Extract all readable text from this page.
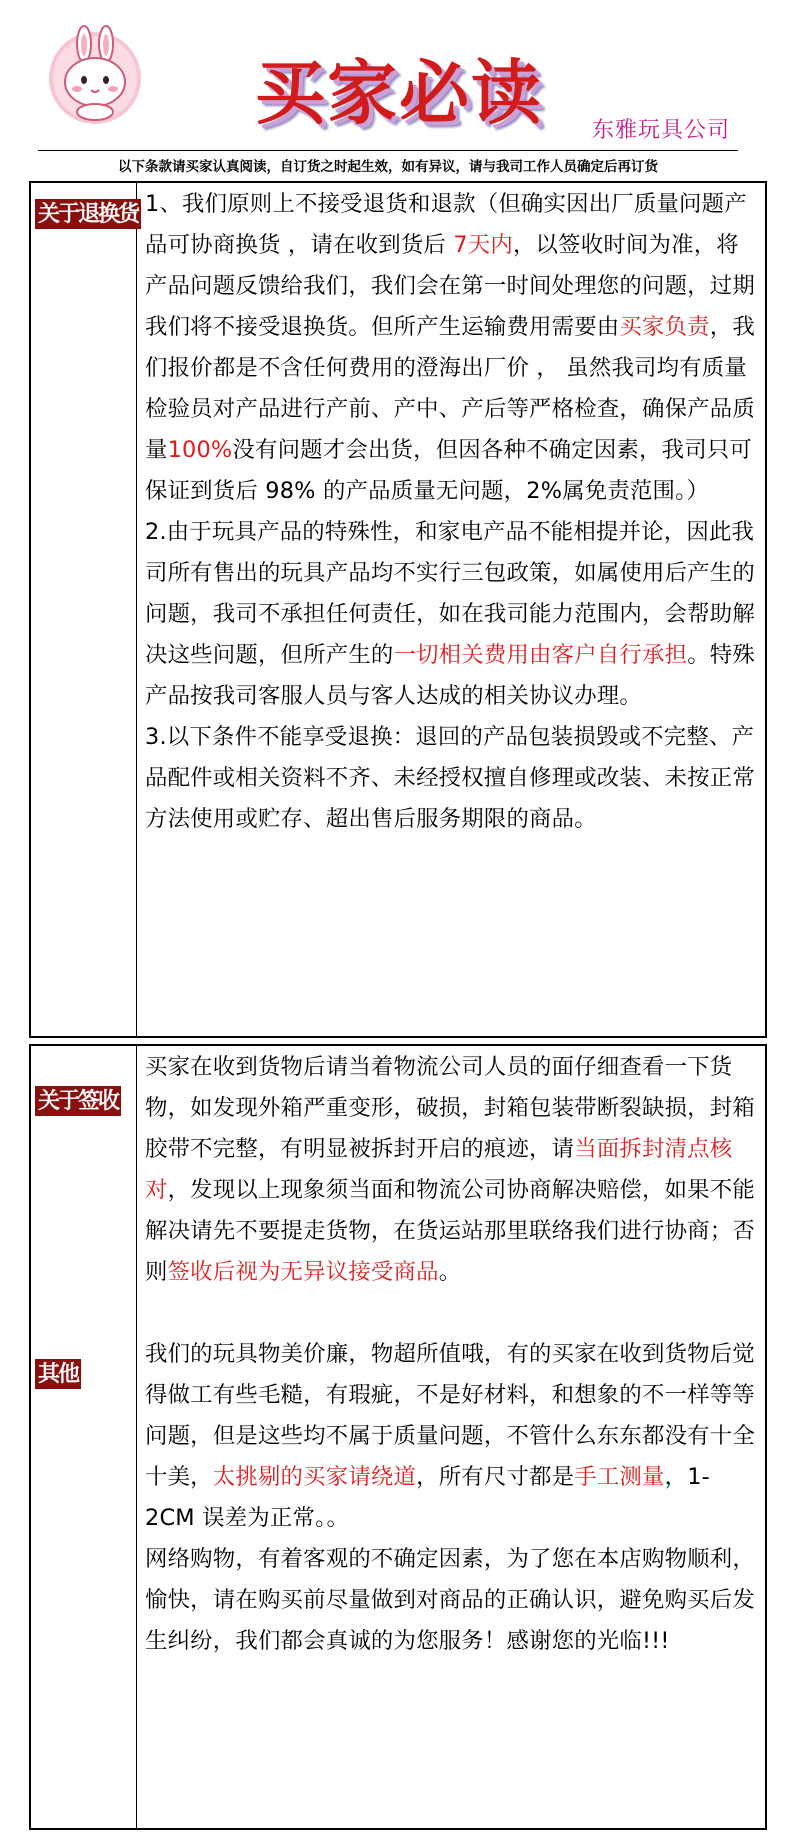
买家必读 东雅玩具公司
以下条款请买家认真阅读，自订货之时起生效，如有异议，请与我司工作人员确定后再订货
关于退换货 1、我们原则上不接受退货和退款（但确实因出厂质量问题产品可协商换货 ，请在收到货后 7天内，以签收时间为准，将产品问题反馈给我们，我们会在第一时间处理您的问题，过期我们将不接受退换货。但所产生运输费用需要由买家负责，我们报价都是不含任何费用的澄海出厂价 ， 虽然我司均有质量检验员对产品进行产前、产中、产后等严格检查，确保产品质量100%没有问题才会出货，但因各种不确定因素，我司只可保证到货后 98% 的产品质量无问题，2%属免责范围。）

2.由于玩具产品的特殊性，和家电产品不能相提并论，因此我司所有售出的玩具产品均不实行三包政策，如属使用后产生的问题，我司不承担任何责任，如在我司能力范围内，会帮助解决这些问题，但所产生的一切相关费用由客户自行承担。特殊产品按我司客服人员与客人达成的相关协议办理。

3.以下条件不能享受退换：退回的产品包装损毁或不完整、产品配件或相关资料不齐、未经授权擅自修理或改装、未按正常方法使用或贮存、超出售后服务期限的商品。

关于签收
其他

买家在收到货物后请当着物流公司人员的面仔细查看一下货物，如发现外箱严重变形，破损，封箱包装带断裂缺损，封箱胶带不完整，有明显被拆封开启的痕迹，请当面拆封清点核对，发现以上现象须当面和物流公司协商解决赔偿，如果不能解决请先不要提走货物，在货运站那里联络我们进行协商；否则签收后视为无异议接受商品。

我们的玩具物美价廉，物超所值哦，有的买家在收到货物后觉得做工有些毛糙，有瑕疵，不是好材料，和想象的不一样等等问题，但是这些均不属于质量问题，不管什么东东都没有十全十美，太挑剔的买家请绕道，所有尺寸都是手工测量，1- 2CM 误差为正常。。

网络购物，有着客观的不确定因素，为了您在本店购物顺利，愉快，请在购买前尽量做到对商品的正确认识，避免购买后发生纠纷，我们都会真诚的为您服务！感谢您的光临!!!
